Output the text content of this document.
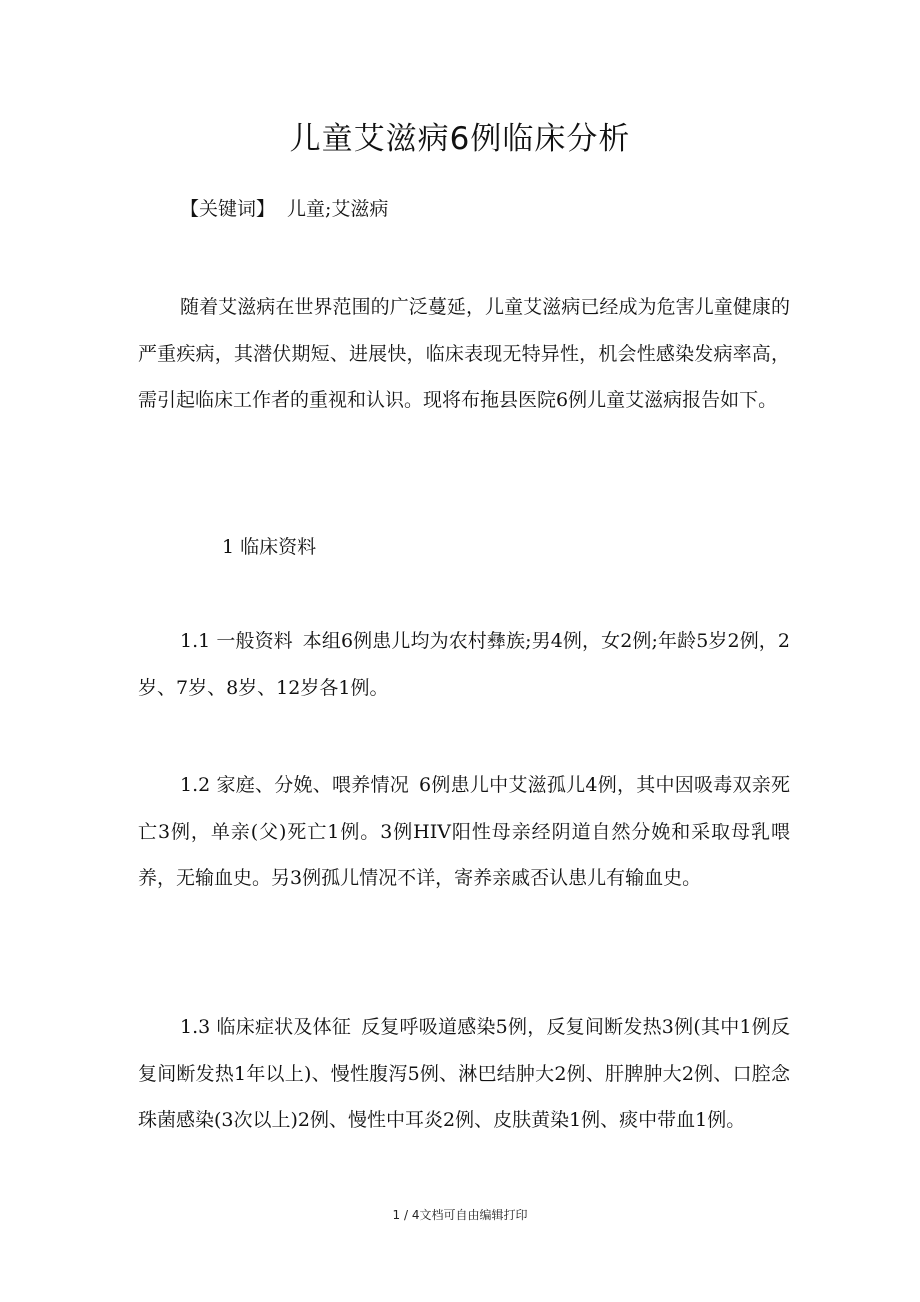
儿童艾滋病6例临床分析
【关键词】 儿童;艾滋病

随着艾滋病在世界范围的广泛蔓延，儿童艾滋病已经成为危害儿童健康的严重疾病，其潜伏期短、进展快，临床表现无特异性，机会性感染发病率高，需引起临床工作者的重视和认识。现将布拖县医院6例儿童艾滋病报告如下。

1 临床资料

1.1 一般资料 本组6例患儿均为农村彝族;男4例，女2例;年龄5岁2例，2 岁、7岁、8岁、12岁各1例。

1.2 家庭、分娩、喂养情况 6例患儿中艾滋孤儿4例，其中因吸毒双亲死亡3例，单亲(父)死亡1例。3例HIV阳性母亲经阴道自然分娩和采取母乳喂养，无输血史。另3例孤儿情况不详，寄养亲戚否认患儿有输血史。

1.3 临床症状及体征 反复呼吸道感染5例，反复间断发热3例(其中1例反复间断发热1年以上)、慢性腹泻5例、淋巴结肿大2例、肝脾肿大2例、口腔念珠菌感染(3次以上)2例、慢性中耳炎2例、皮肤黄染1例、痰中带血1例。

1 / 4文档可自由编辑打印
